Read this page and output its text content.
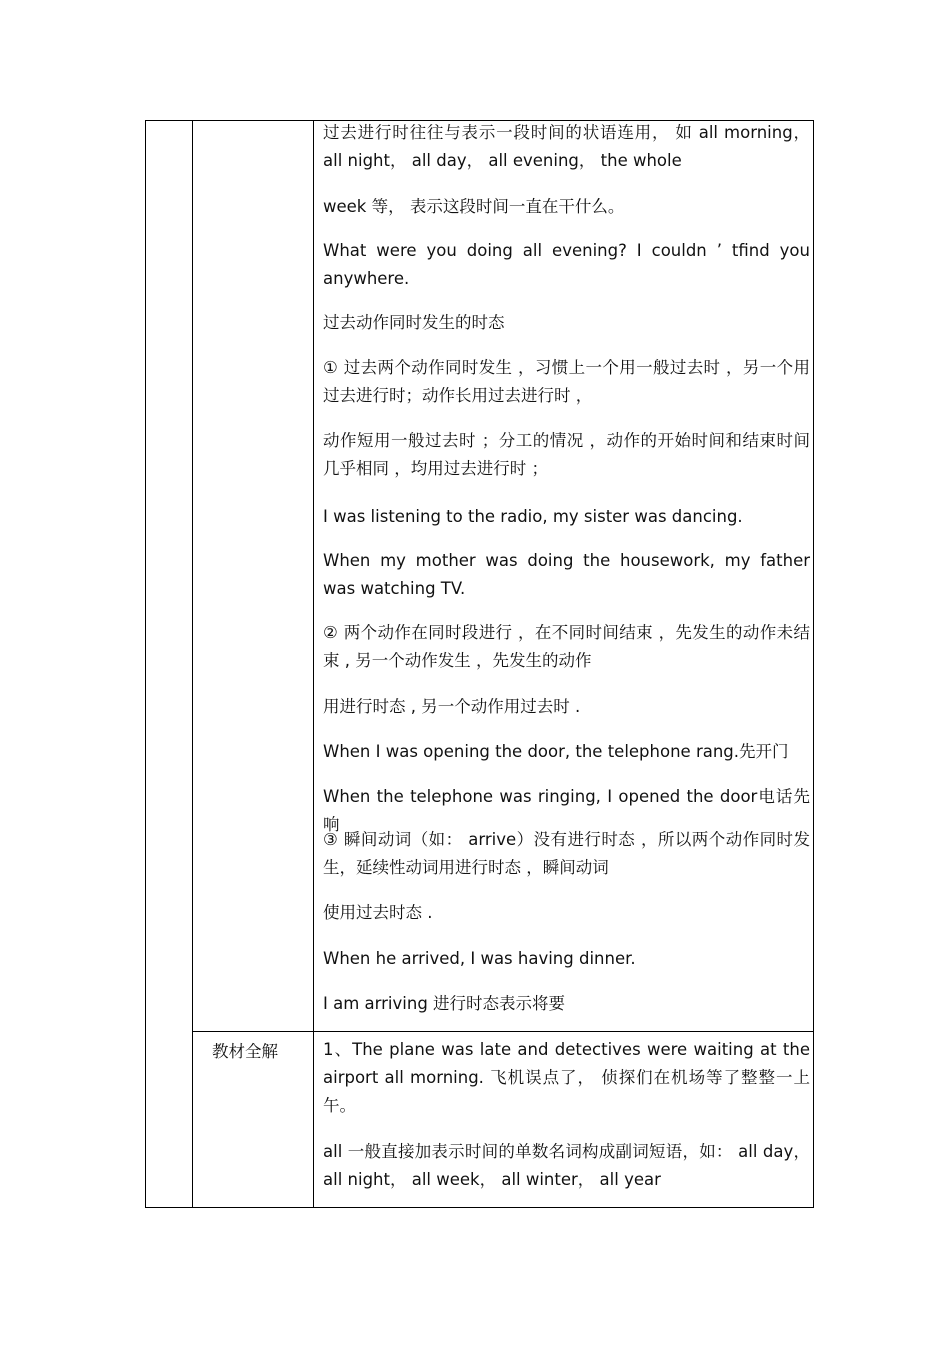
教材全解

过去进行时往往与表示一段时间的状语连用， 如 all morning， all night， all day， all evening， the whole

week 等， 表示这段时间一直在干什么。

What were you doing all evening? I couldn ’ tfind you anywhere.

过去动作同时发生的时态

① 过去两个动作同时发生 ，习惯上一个用一般过去时 ，另一个用过去进行时；动作长用过去进行时 ，

动作短用一般过去时 ；分工的情况 ，动作的开始时间和结束时间几乎相同 ，均用过去进行时 ；

I was listening to the radio, my sister was dancing.

When my mother was doing the housework, my father was watching TV.

② 两个动作在同时段进行 ，在不同时间结束 ，先发生的动作未结束 , 另一个动作发生 ，先发生的动作

用进行时态 , 另一个动作用过去时 .

When I was opening the door, the telephone rang.先开门

When the telephone was ringing, I opened the door电话先响

③ 瞬间动词（如： arrive）没有进行时态 ，所以两个动作同时发生，延续性动词用进行时态 ，瞬间动词

使用过去时态 .

When he arrived, I was having dinner.

I am arriving 进行时态表示将要

1、The plane was late and detectives were waiting at the airport all morning. 飞机误点了， 侦探们在机场等了整整一上午。

all 一般直接加表示时间的单数名词构成副词短语，如： all day， all night， all week， all winter， all year
